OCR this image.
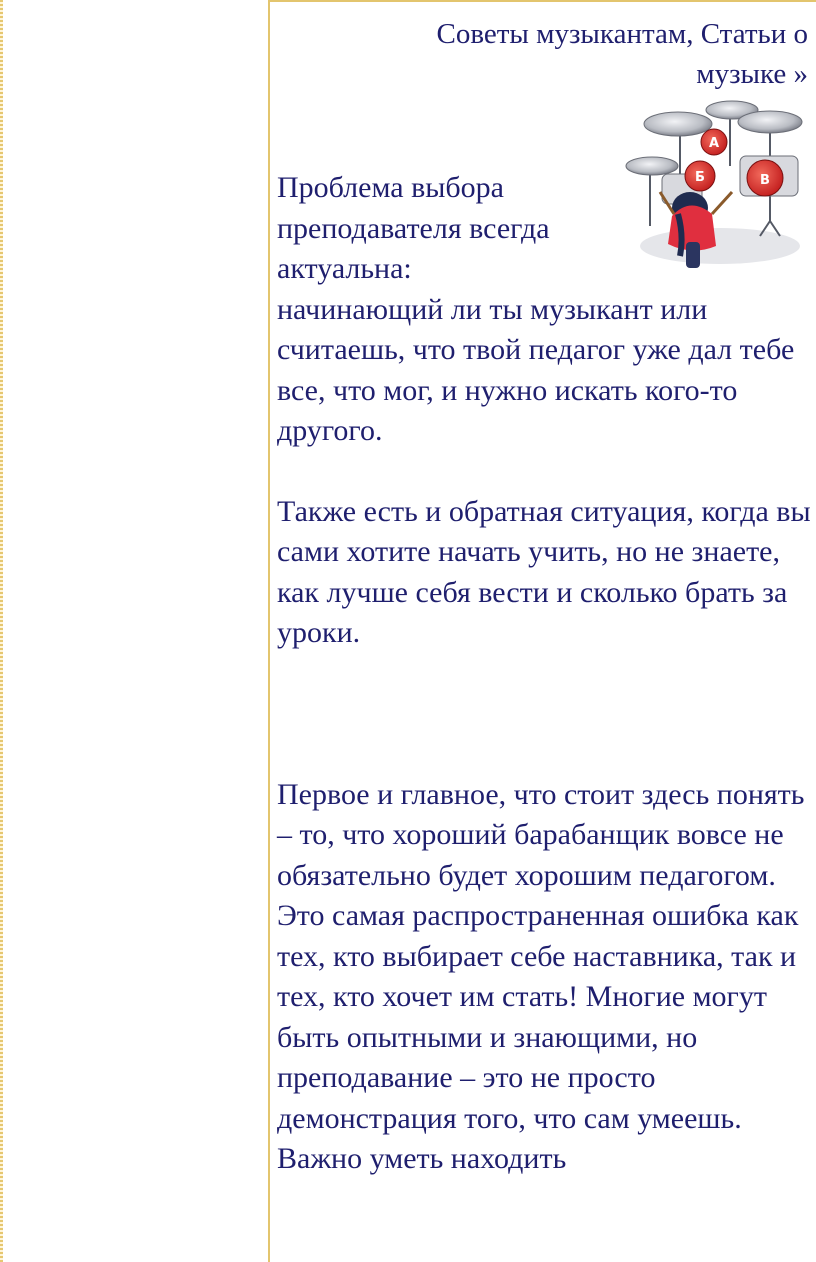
Советы музыкантам, Статьи о музыке »
А
Б	В

Проблема выбора преподавателя всегда актуальна:

начинающий ли ты музыкант или считаешь, что твой педагог уже дал тебе все, что мог, и нужно искать кого-то другого.

Также есть и обратная ситуация, когда вы сами хотите начать учить, но не знаете, как лучше себя вести и сколько брать за уроки.

Первое и главное, что стоит здесь понять – то, что хороший барабанщик вовсе не обязательно будет хорошим педагогом. Это самая распространенная ошибка как тех, кто выбирает себе наставника, так и тех, кто хочет им стать! Многие могут быть опытными и знающими, но преподавание – это не просто демонстрация того, что сам умеешь. Важно уметь находить
